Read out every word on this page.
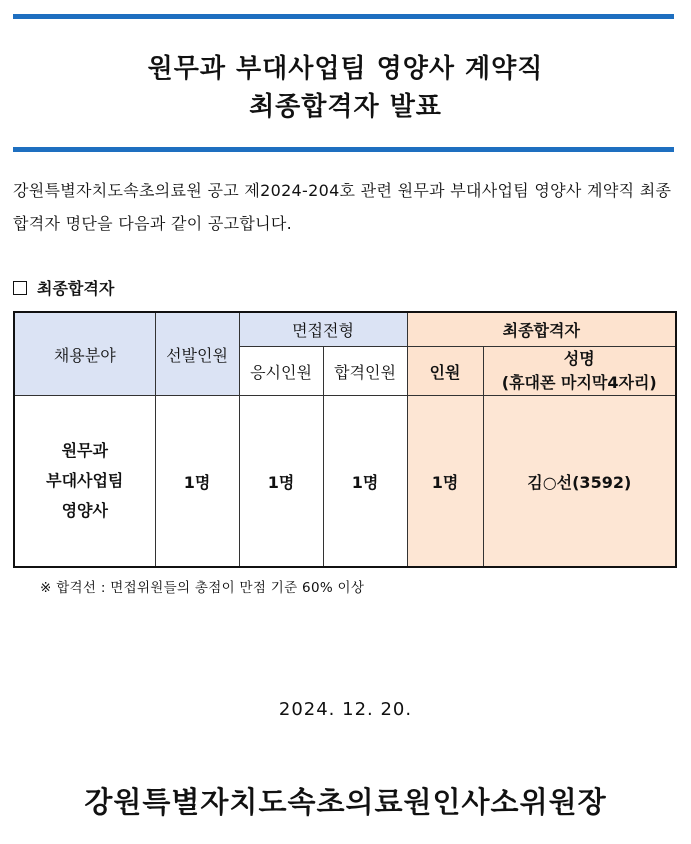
원무과 부대사업팀 영양사 계약직
최종합격자 발표
강원특별자치도속초의료원 공고 제2024-204호 관련 원무과 부대사업팀 영양사 계약직 최종합격자 명단을 다음과 같이 공고합니다.
최종합격자
채용분야	선발인원	면접전형		최종합격자	
		응시인원	합격인원	인원	성명
(휴대폰 마지막4자리)

원무과
부대사업팀
영양사	1명	1명	1명	1명	김○선(3592)
※ 합격선 : 면접위원들의 총점이 만점 기준 60% 이상
2024. 12. 20.
강원특별자치도속초의료원인사소위원장
